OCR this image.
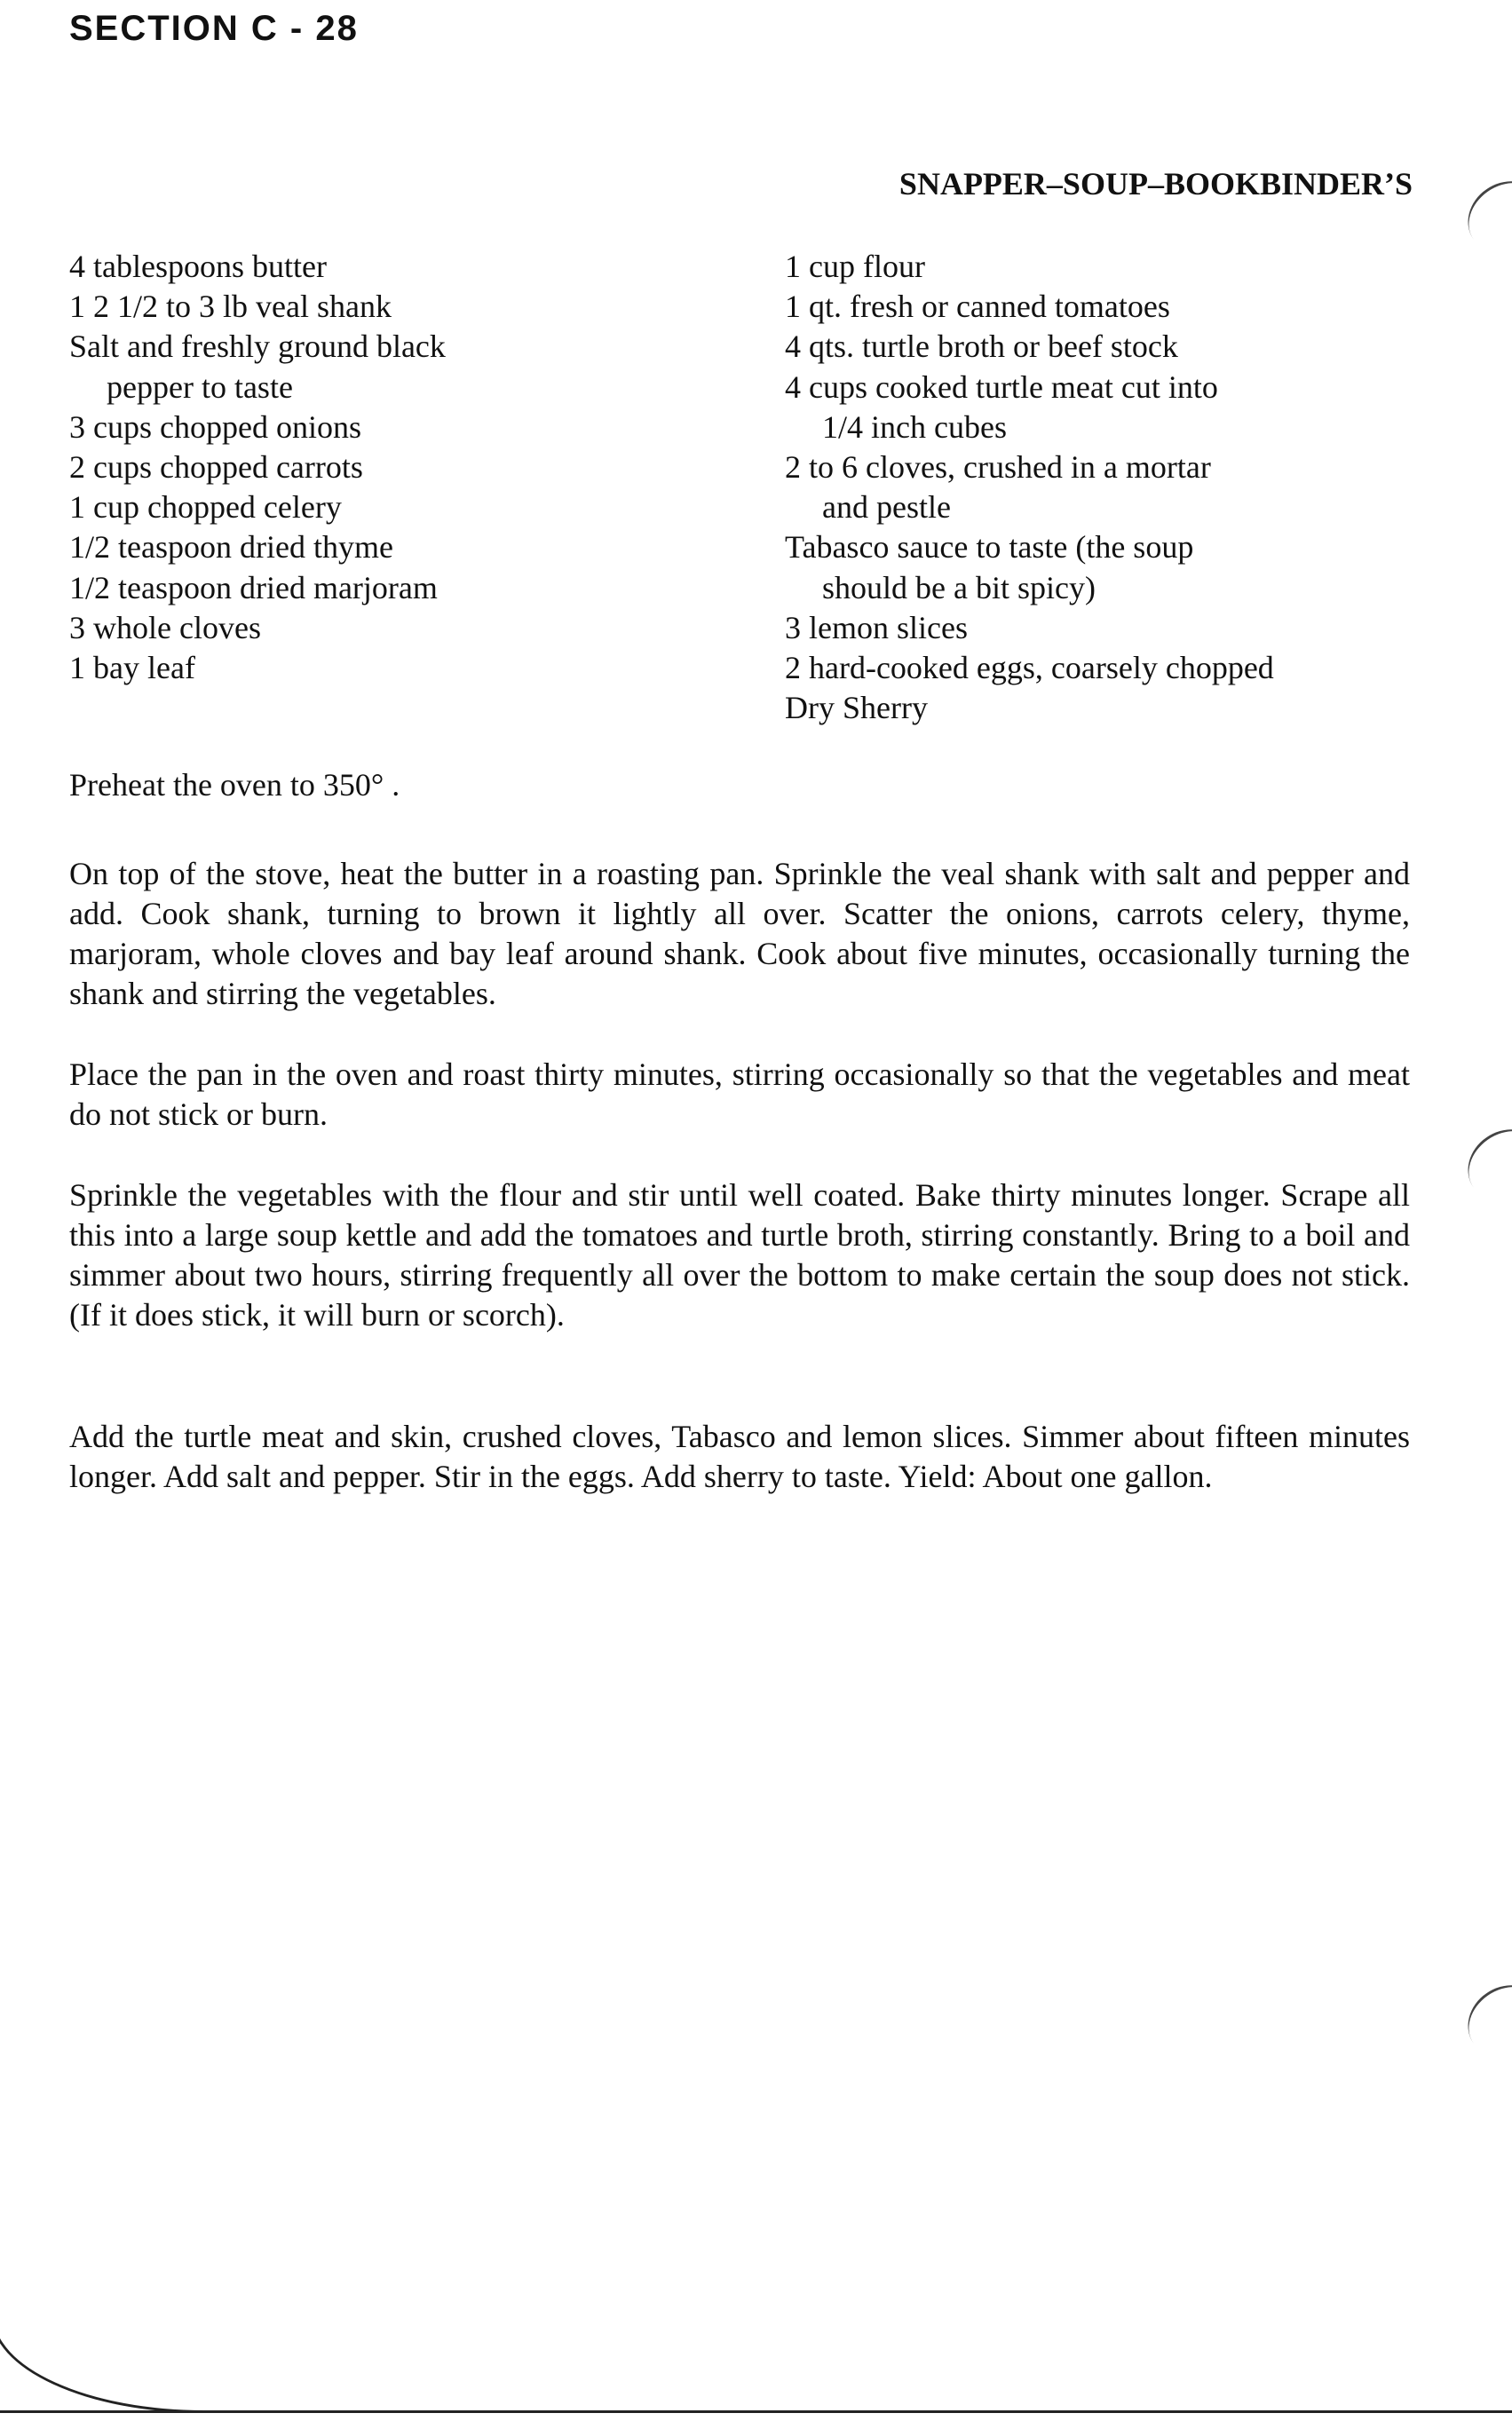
SECTION C - 28
SNAPPER–SOUP–BOOKBINDER’S
4 tablespoons butter
1 2 1/2 to 3 lb veal shank
Salt and freshly ground black
pepper to taste
3 cups chopped onions
2 cups chopped carrots
1 cup chopped celery
1/2 teaspoon dried thyme
1/2 teaspoon dried marjoram
3 whole cloves
1 bay leaf
1 cup flour
1 qt. fresh or canned tomatoes
4 qts. turtle broth or beef stock
4 cups cooked turtle meat cut into
1/4 inch cubes
2 to 6 cloves, crushed in a mortar
and pestle
Tabasco sauce to taste (the soup
should be a bit spicy)
3 lemon slices
2 hard-cooked eggs, coarsely chopped
Dry Sherry

Preheat the oven to 350° .

On top of the stove, heat the butter in a roasting pan. Sprinkle the veal shank with salt and pepper and add. Cook shank, turning to brown it lightly all over. Scatter the onions, carrots celery, thyme, marjoram, whole cloves and bay leaf around shank. Cook about five minutes, occasionally turning the shank and stirring the vegetables.

Place the pan in the oven and roast thirty minutes, stirring occasionally so that the vegetables and meat do not stick or burn.

Sprinkle the vegetables with the flour and stir until well coated. Bake thirty minutes longer. Scrape all this into a large soup kettle and add the tomatoes and turtle broth, stirring constantly. Bring to a boil and simmer about two hours, stirring frequently all over the bottom to make certain the soup does not stick. (If it does stick, it will burn or scorch).

Add the turtle meat and skin, crushed cloves, Tabasco and lemon slices. Simmer about fifteen minutes longer. Add salt and pepper. Stir in the eggs. Add sherry to taste. Yield: About one gallon.
